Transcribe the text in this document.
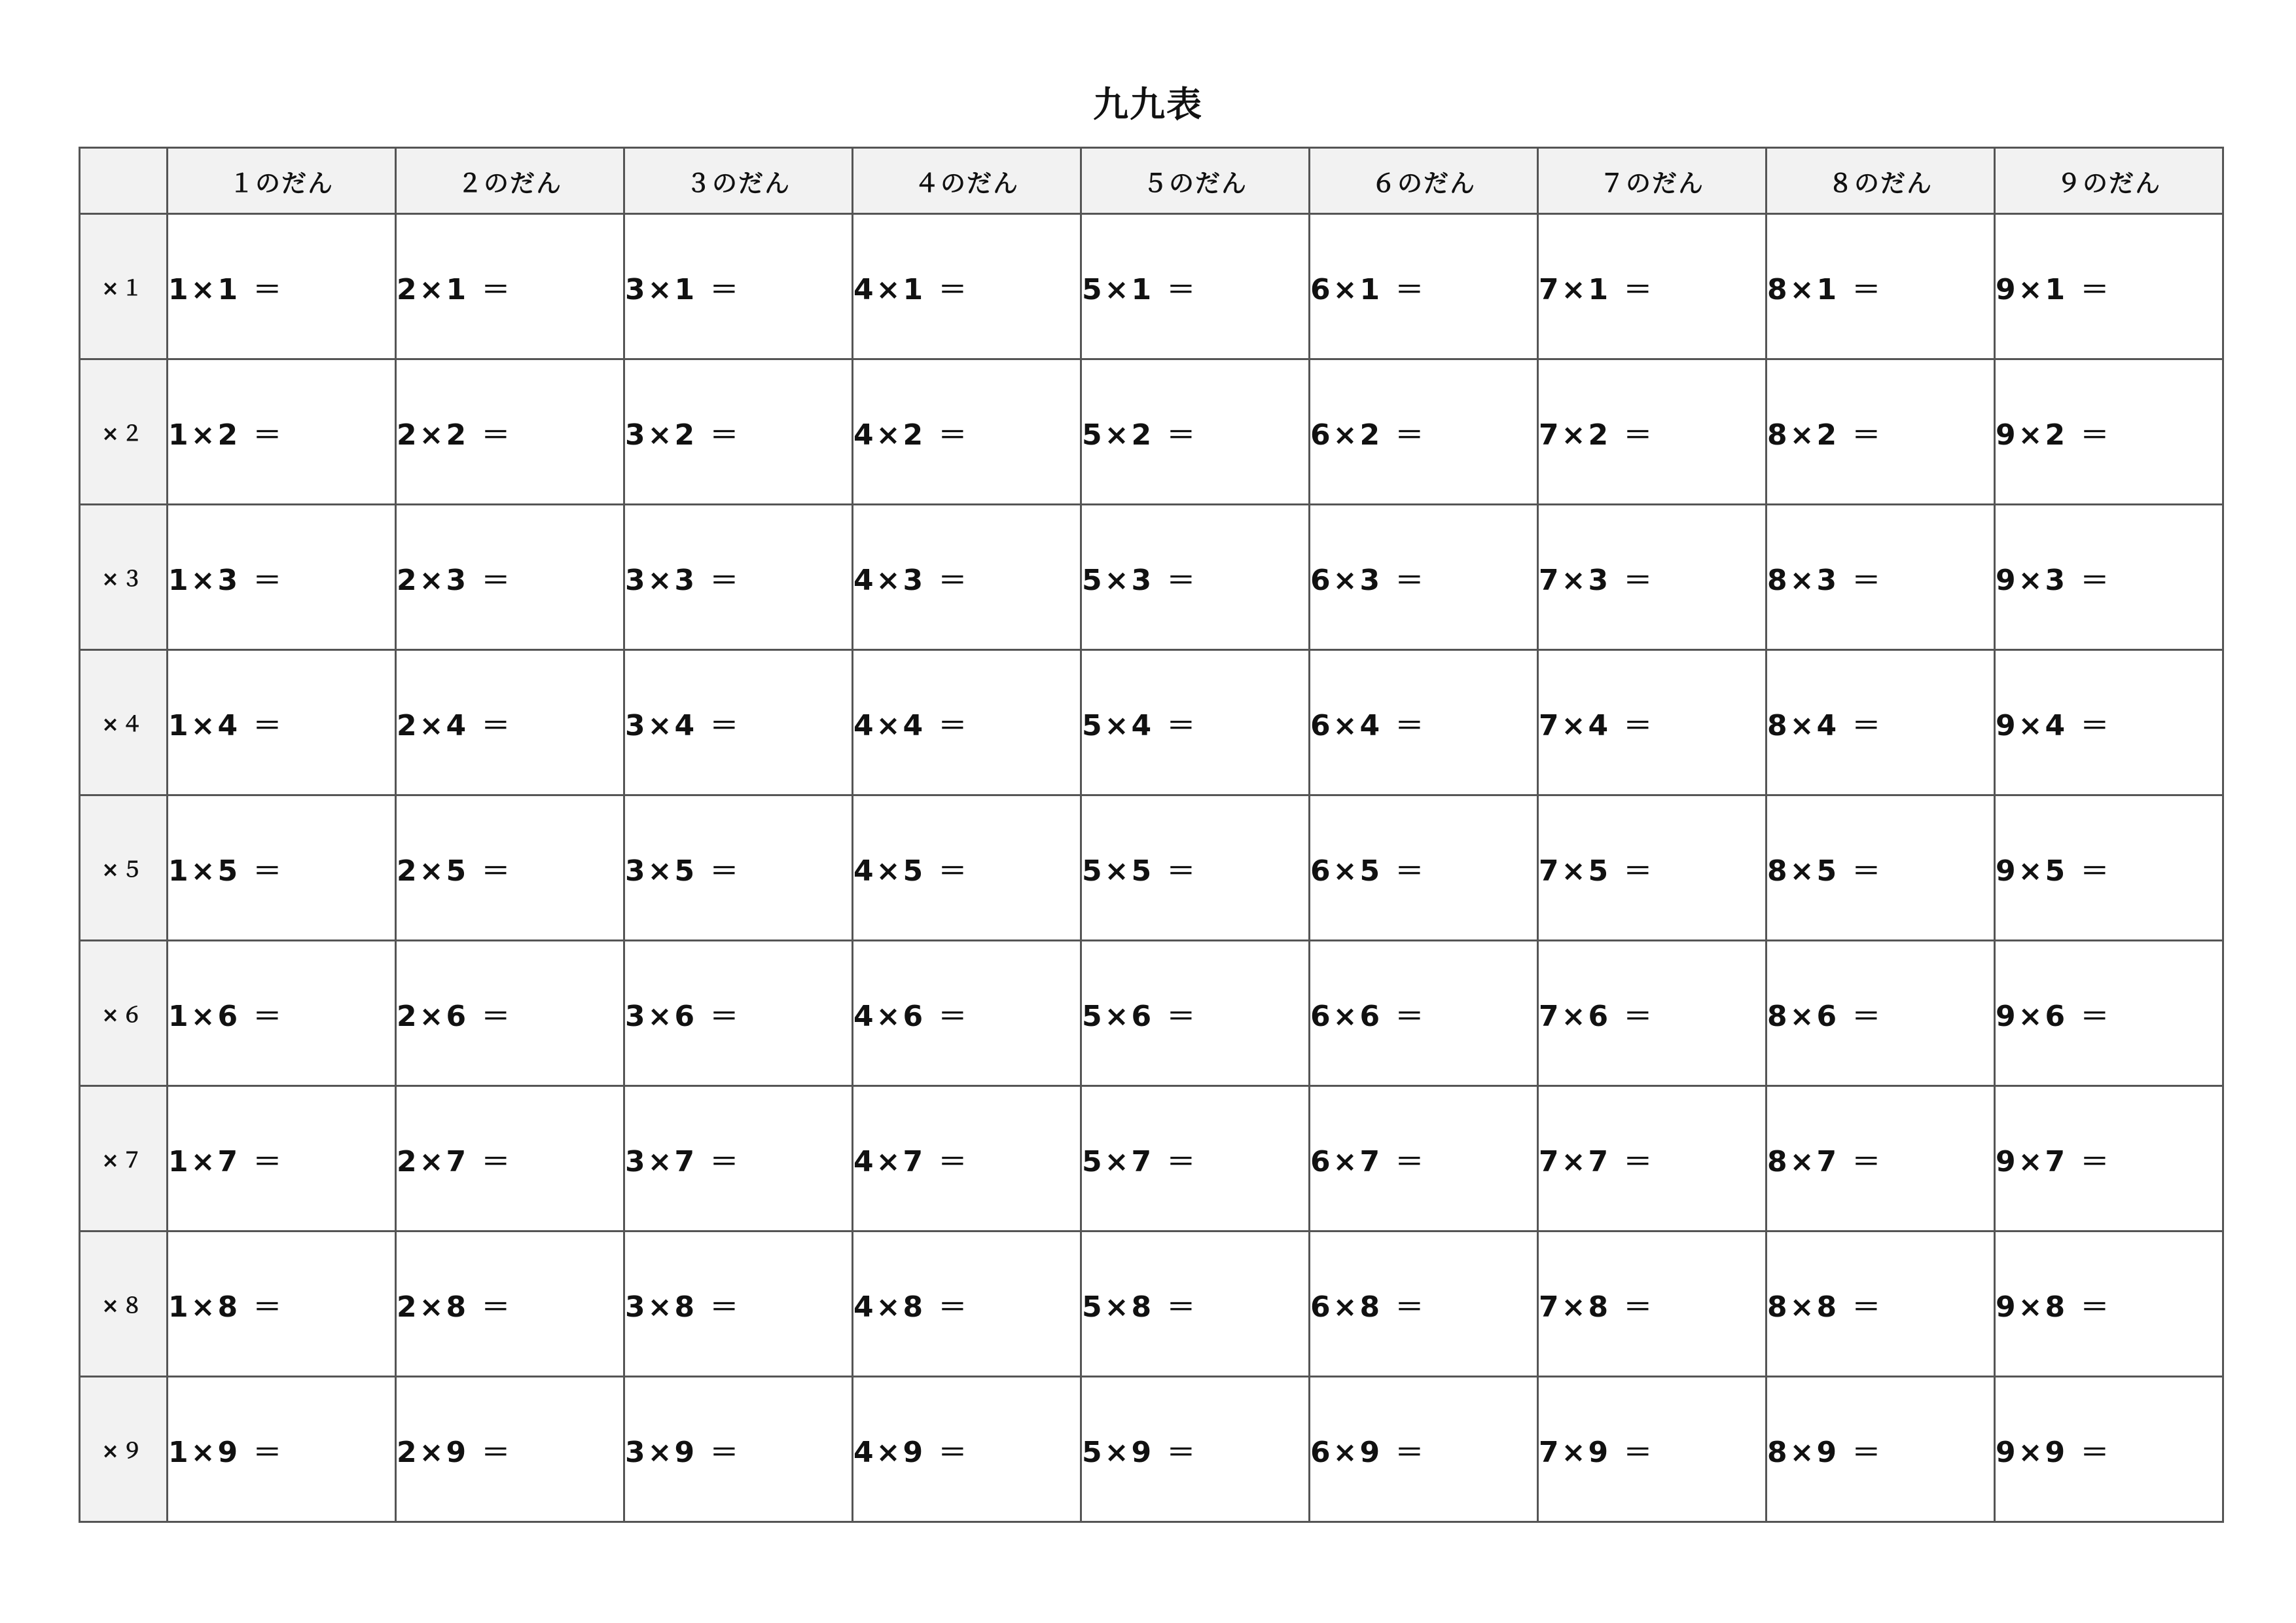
九九表
	１のだん	２のだん	３のだん	４のだん	５のだん	６のだん	７のだん	８のだん	９のだん
×１	1×1 ＝	2×1 ＝	3×1 ＝	4×1 ＝	5×1 ＝	6×1 ＝	7×1 ＝	8×1 ＝	9×1 ＝
×２	1×2 ＝	2×2 ＝	3×2 ＝	4×2 ＝	5×2 ＝	6×2 ＝	7×2 ＝	8×2 ＝	9×2 ＝
×３	1×3 ＝	2×3 ＝	3×3 ＝	4×3 ＝	5×3 ＝	6×3 ＝	7×3 ＝	8×3 ＝	9×3 ＝
×４	1×4 ＝	2×4 ＝	3×4 ＝	4×4 ＝	5×4 ＝	6×4 ＝	7×4 ＝	8×4 ＝	9×4 ＝
×５	1×5 ＝	2×5 ＝	3×5 ＝	4×5 ＝	5×5 ＝	6×5 ＝	7×5 ＝	8×5 ＝	9×5 ＝
×６	1×6 ＝	2×6 ＝	3×6 ＝	4×6 ＝	5×6 ＝	6×6 ＝	7×6 ＝	8×6 ＝	9×6 ＝
×７	1×7 ＝	2×7 ＝	3×7 ＝	4×7 ＝	5×7 ＝	6×7 ＝	7×7 ＝	8×7 ＝	9×7 ＝
×８	1×8 ＝	2×8 ＝	3×8 ＝	4×8 ＝	5×8 ＝	6×8 ＝	7×8 ＝	8×8 ＝	9×8 ＝
×９	1×9 ＝	2×9 ＝	3×9 ＝	4×9 ＝	5×9 ＝	6×9 ＝	7×9 ＝	8×9 ＝	9×9 ＝
